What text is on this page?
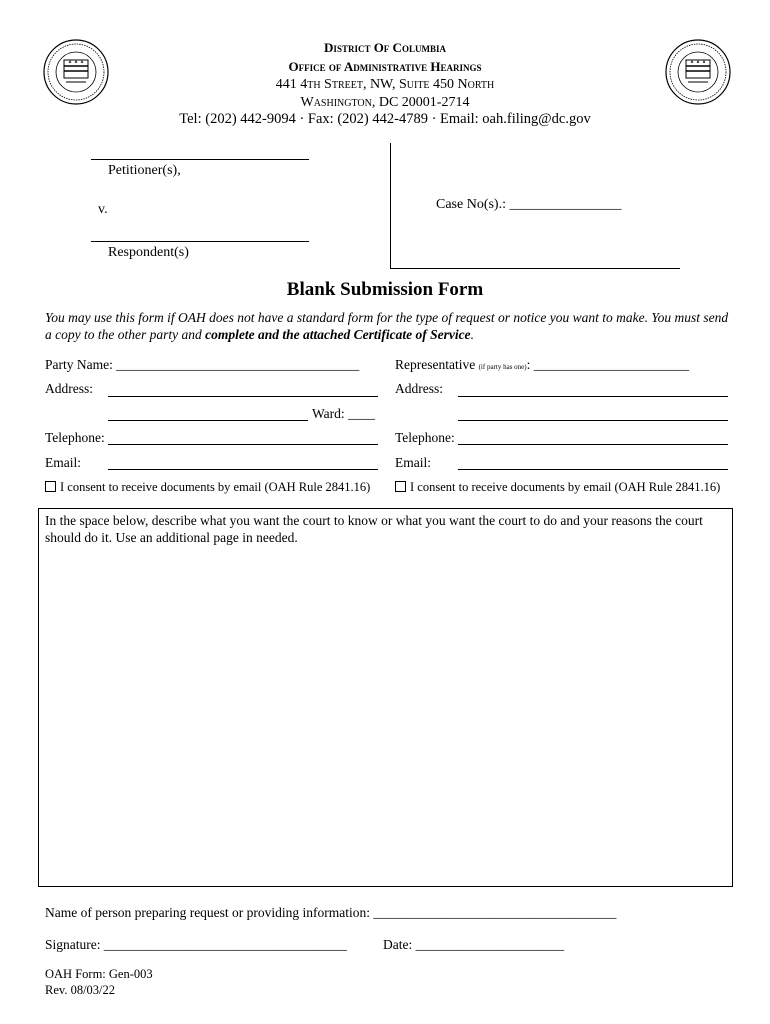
District Of Columbia
Office of Administrative Hearings
441 4th Street, NW, Suite 450 North
Washington, DC 20001-2714
Tel: (202) 442-9094 · Fax: (202) 442-4789 · Email: oah.filing@dc.gov
Petitioner(s),
v.
Respondent(s)
Case No(s).: ________________
Blank Submission Form
You may use this form if OAH does not have a standard form for the type of request or notice you want to make. You must send a copy to the other party and complete and the attached Certificate of Service.
Party Name: ____________________________________
Address:
Ward: ____
Telephone:
Email:
I consent to receive documents by email (OAH Rule 2841.16)
Representative (if party has one): _______________________
Address:
Telephone:
Email:
I consent to receive documents by email (OAH Rule 2841.16)
In the space below, describe what you want the court to know or what you want the court to do and your reasons the court should do it. Use an additional page in needed.
Name of person preparing request or providing information: ____________________________________
Signature: ____________________________________	Date: ______________________
OAH Form: Gen-003
Rev. 08/03/22
